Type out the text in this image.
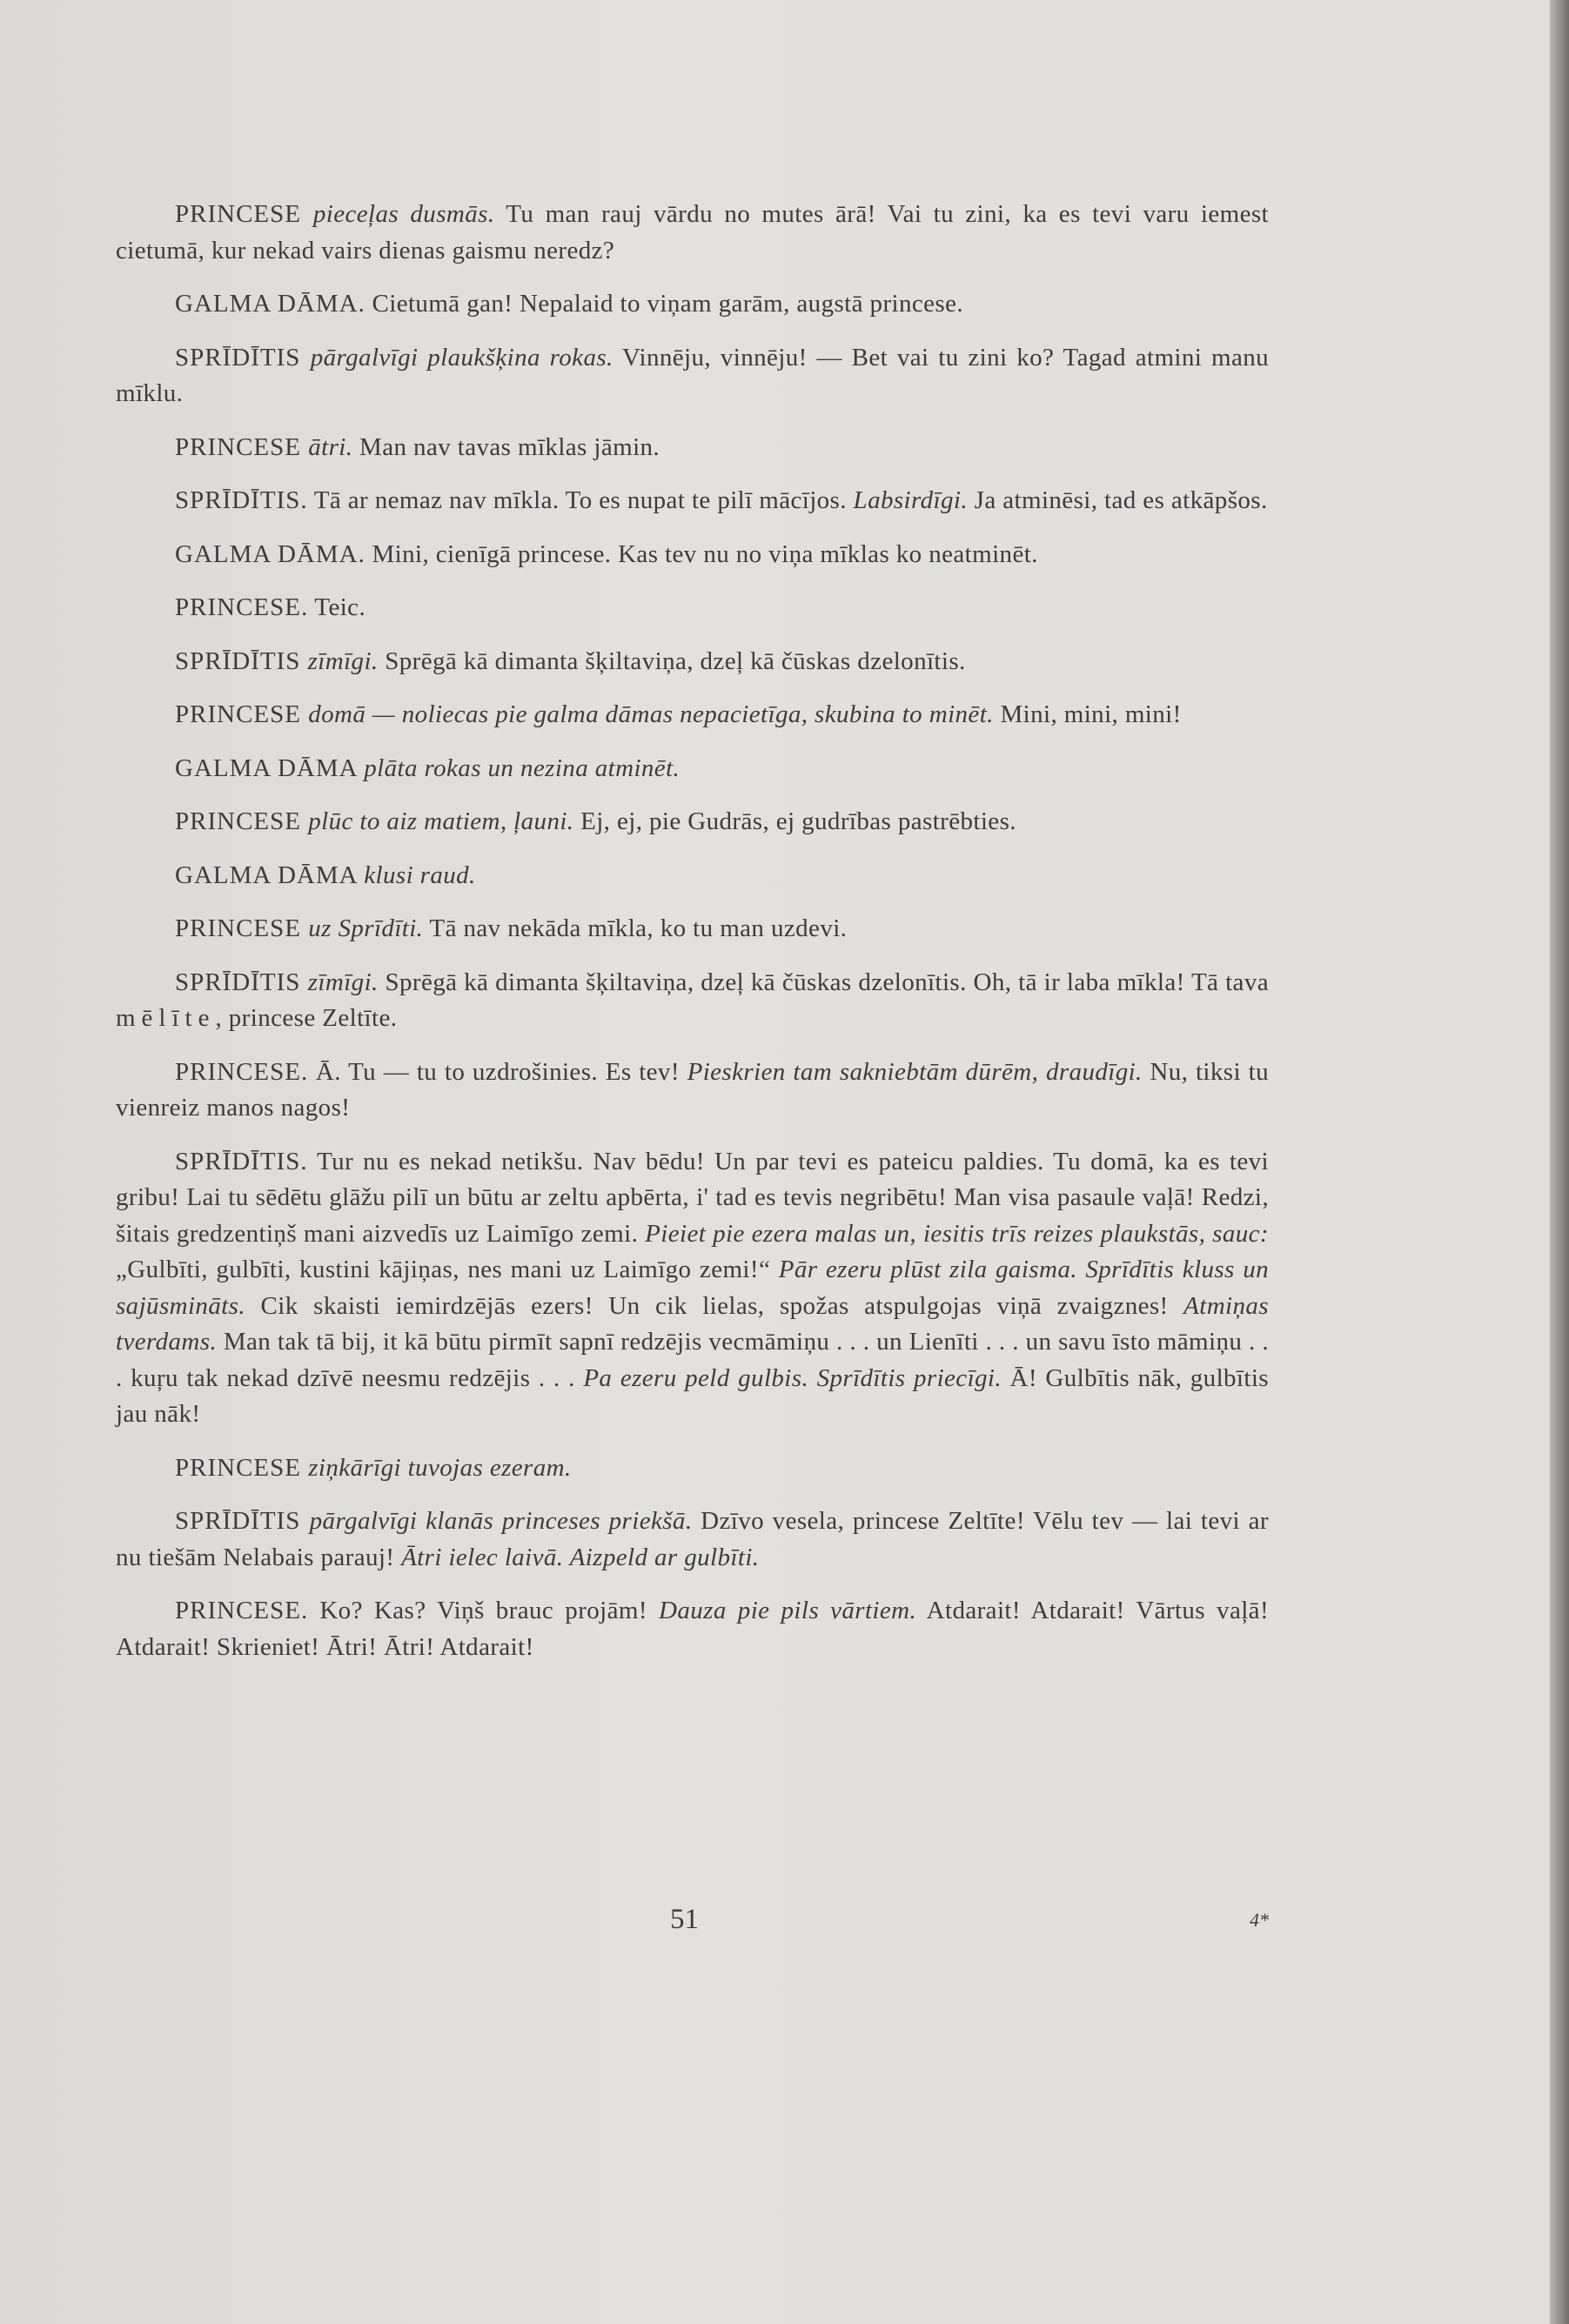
PRINCESE pieceļas dusmās. Tu man rauj vārdu no mutes ārā! Vai tu zini, ka es tevi varu iemest cietumā, kur nekad vairs dienas gaismu neredz?

GALMA DĀMA. Cietumā gan! Nepalaid to viņam garām, augstā princese.

SPRĪDĪTIS pārgalvīgi plaukšķina rokas. Vinnēju, vinnēju! — Bet vai tu zini ko? Tagad atmini manu mīklu.

PRINCESE ātri. Man nav tavas mīklas jāmin.

SPRĪDĪTIS. Tā ar nemaz nav mīkla. To es nupat te pilī mācījos. Labsirdīgi. Ja atminēsi, tad es atkāpšos.

GALMA DĀMA. Mini, cienīgā princese. Kas tev nu no viņa mīklas ko neatminēt.

PRINCESE. Teic.

SPRĪDĪTIS zīmīgi. Sprēgā kā dimanta šķiltaviņa, dzeļ kā čūskas dzelonītis.

PRINCESE domā — noliecas pie galma dāmas nepacietīga, skubina to minēt. Mini, mini, mini!

GALMA DĀMA plāta rokas un nezina atminēt.

PRINCESE plūc to aiz matiem, ļauni. Ej, ej, pie Gudrās, ej gudrības pastrēbties.

GALMA DĀMA klusi raud.

PRINCESE uz Sprīdīti. Tā nav nekāda mīkla, ko tu man uzdevi.

SPRĪDĪTIS zīmīgi. Sprēgā kā dimanta šķiltaviņa, dzeļ kā čūskas dzelonītis. Oh, tā ir laba mīkla! Tā tava mēlīte, princese Zeltīte.

PRINCESE. Ā. Tu — tu to uzdrošinies. Es tev! Pieskrien tam sakniebtām dūrēm, draudīgi. Nu, tiksi tu vienreiz manos nagos!

SPRĪDĪTIS. Tur nu es nekad netikšu. Nav bēdu! Un par tevi es pateicu paldies. Tu domā, ka es tevi gribu! Lai tu sēdētu glāžu pilī un būtu ar zeltu apbērta, i' tad es tevis negribētu! Man visa pasaule vaļā! Redzi, šitais gredzentiņš mani aizvedīs uz Laimīgo zemi. Pieiet pie ezera malas un, iesitis trīs reizes plaukstās, sauc: „Gulbīti, gulbīti, kustini kājiņas, nes mani uz Laimīgo zemi!“ Pār ezeru plūst zila gaisma. Sprīdītis kluss un sajūsmināts. Cik skaisti iemirdzējās ezers! Un cik lielas, spožas atspulgojas viņā zvaigznes! Atmiņas tverdams. Man tak tā bij, it kā būtu pirmīt sapnī redzējis vecmāmiņu . . . un Lienīti . . . un savu īsto māmiņu . . . kuŗu tak nekad dzīvē neesmu redzējis . . . Pa ezeru peld gulbis. Sprīdītis priecīgi. Ā! Gulbītis nāk, gulbītis jau nāk!

PRINCESE ziņkārīgi tuvojas ezeram.

SPRĪDĪTIS pārgalvīgi klanās princeses priekšā. Dzīvo vesela, princese Zeltīte! Vēlu tev — lai tevi ar nu tiešām Nelabais parauj! Ātri ielec laivā. Aizpeld ar gulbīti.

PRINCESE. Ko? Kas? Viņš brauc projām! Dauza pie pils vārtiem. Atdarait! Atdarait! Vārtus vaļā! Atdarait! Skrieniet! Ātri! Ātri! Atdarait!

51	4*
